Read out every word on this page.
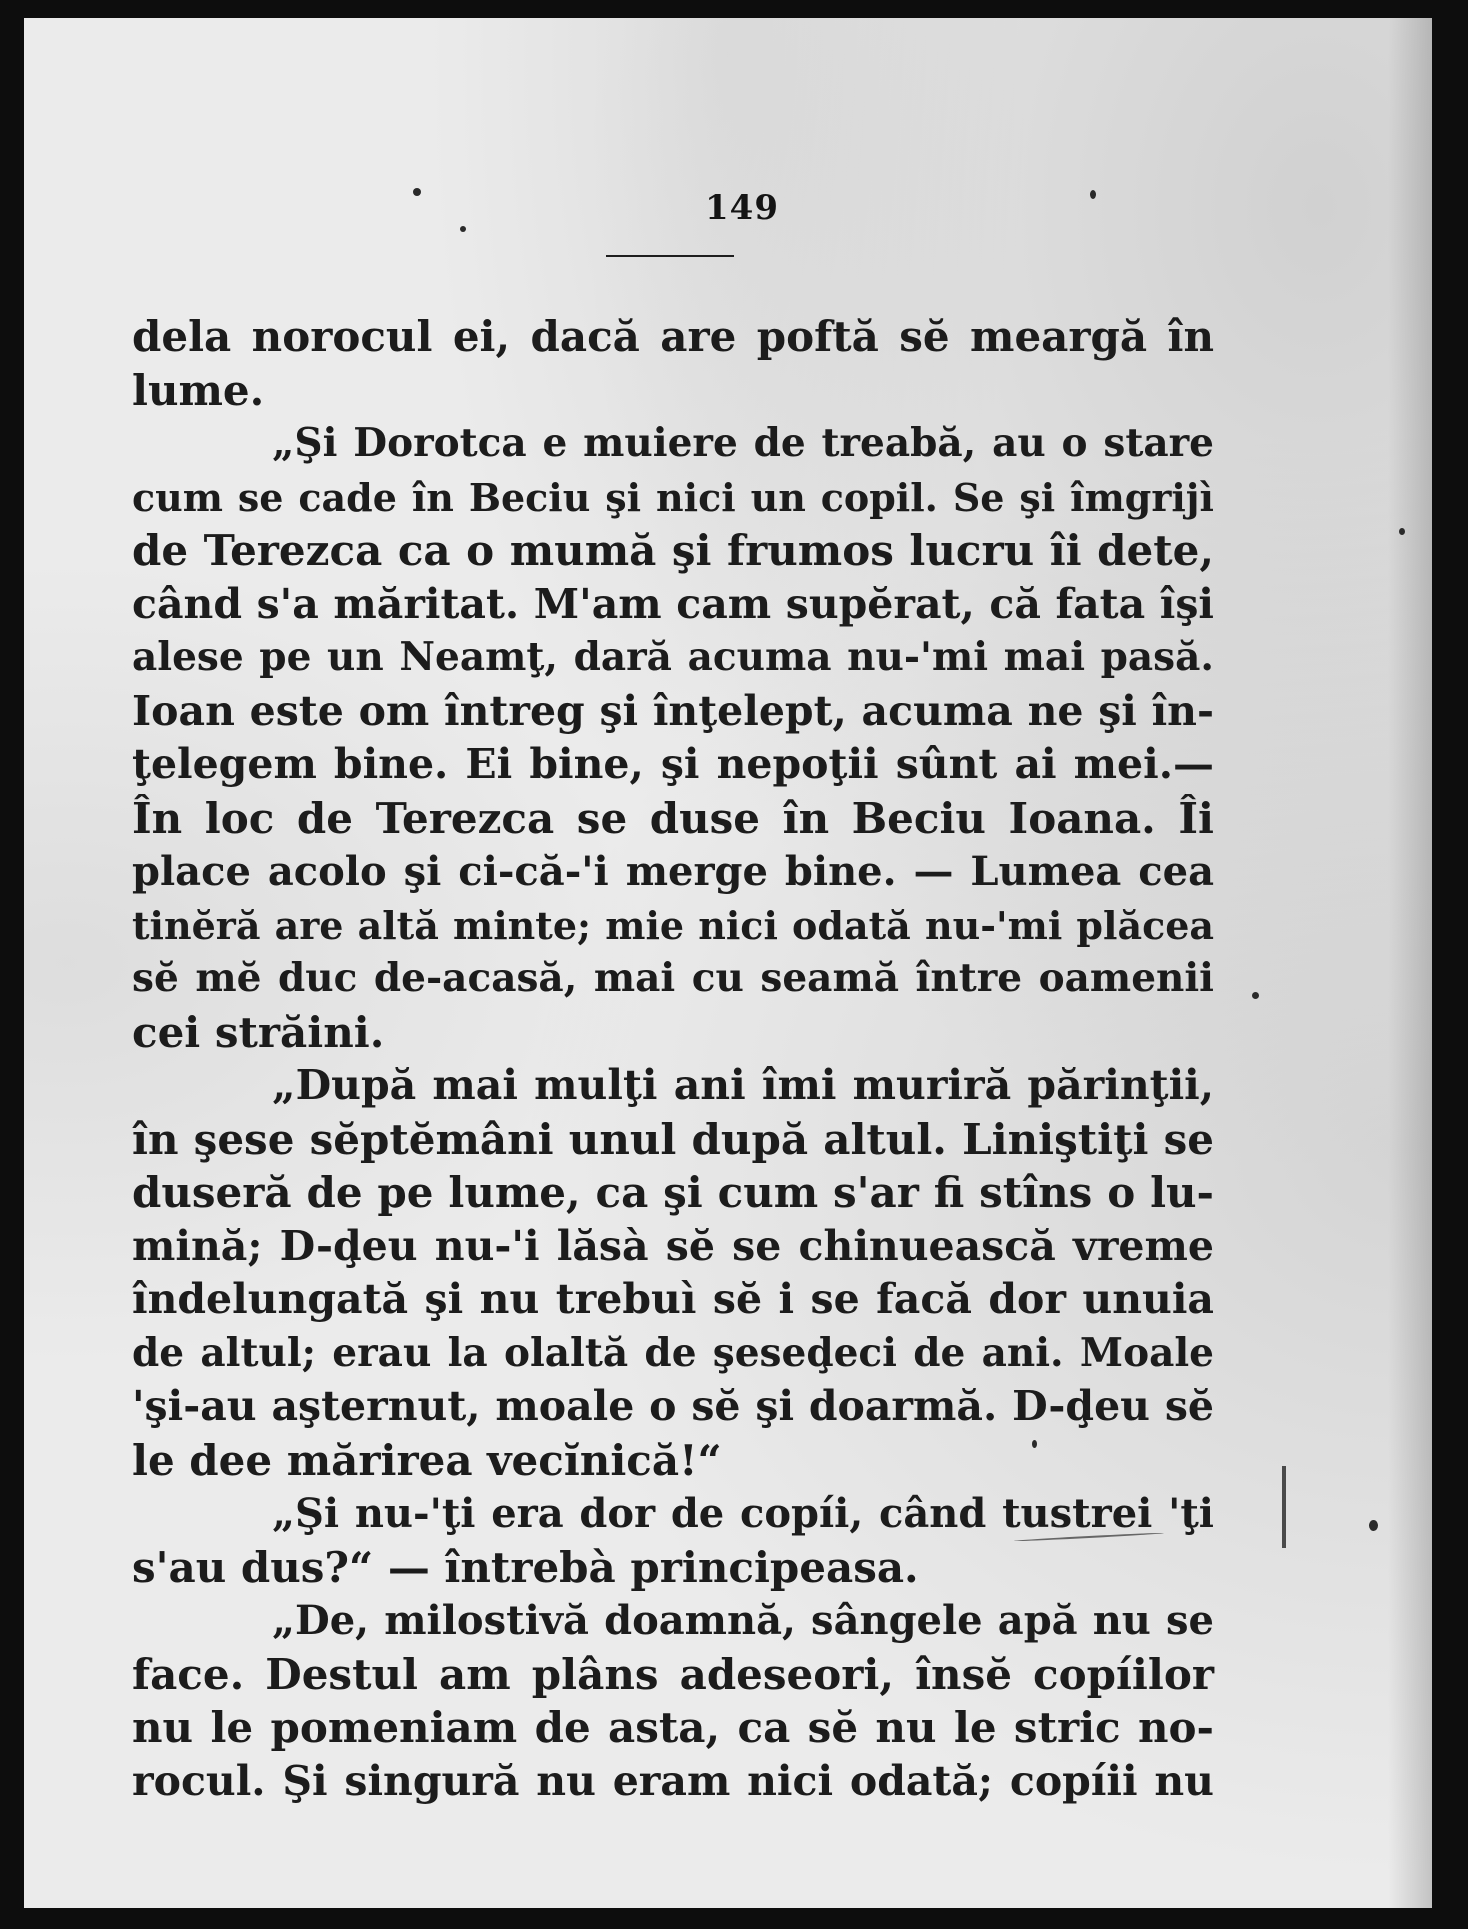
149
dela norocul ei, dacă are poftă sĕ meargă în
lume.
„Şi Dorotca e muiere de treabă, au o stare
cum se cade în Beciu şi nici un copil. Se şi îmgrijì
de Terezca ca o mumă şi frumos lucru îi dete,
când s'a măritat. M'am cam supĕrat, că fata îşi
alese pe un Neamţ, dară acuma nu-'mi mai pasă.
Ioan este om întreg şi înţelept, acuma ne şi în-
ţelegem bine. Ei bine, şi nepoţii sûnt ai mei.—
În loc de Terezca se duse în Beciu Ioana. Îi
place acolo şi ci-că-'i merge bine. — Lumea cea
tinĕră are altă minte; mie nici odată nu-'mi plăcea
sĕ mĕ duc de-acasă, mai cu seamă între oamenii
cei străini.
„După mai mulţi ani îmi muriră părinţii,
în şese sĕptĕmâni unul după altul. Liniştiţi se
duseră de pe lume, ca şi cum s'ar fi stîns o lu-
mină; D-ḑeu nu-'i lăsà sĕ se chinuească vreme
îndelungată şi nu trebuì sĕ i se facă dor unuia
de altul; erau la olaltă de şeseḑeci de ani. Moale
'şi-au aşternut, moale o sĕ şi doarmă. D-ḑeu sĕ
le dee mărirea vecĭnică!“
„Şi nu-'ţi era dor de copíi, când tustrei 'ţi
s'au dus?“ — întrebà principeasa.
„De, milostivă doamnă, sângele apă nu se
face. Destul am plâns adeseori, însĕ copíilor
nu le pomeniam de asta, ca sĕ nu le stric no-
rocul. Şi singură nu eram nici odată; copíii nu
